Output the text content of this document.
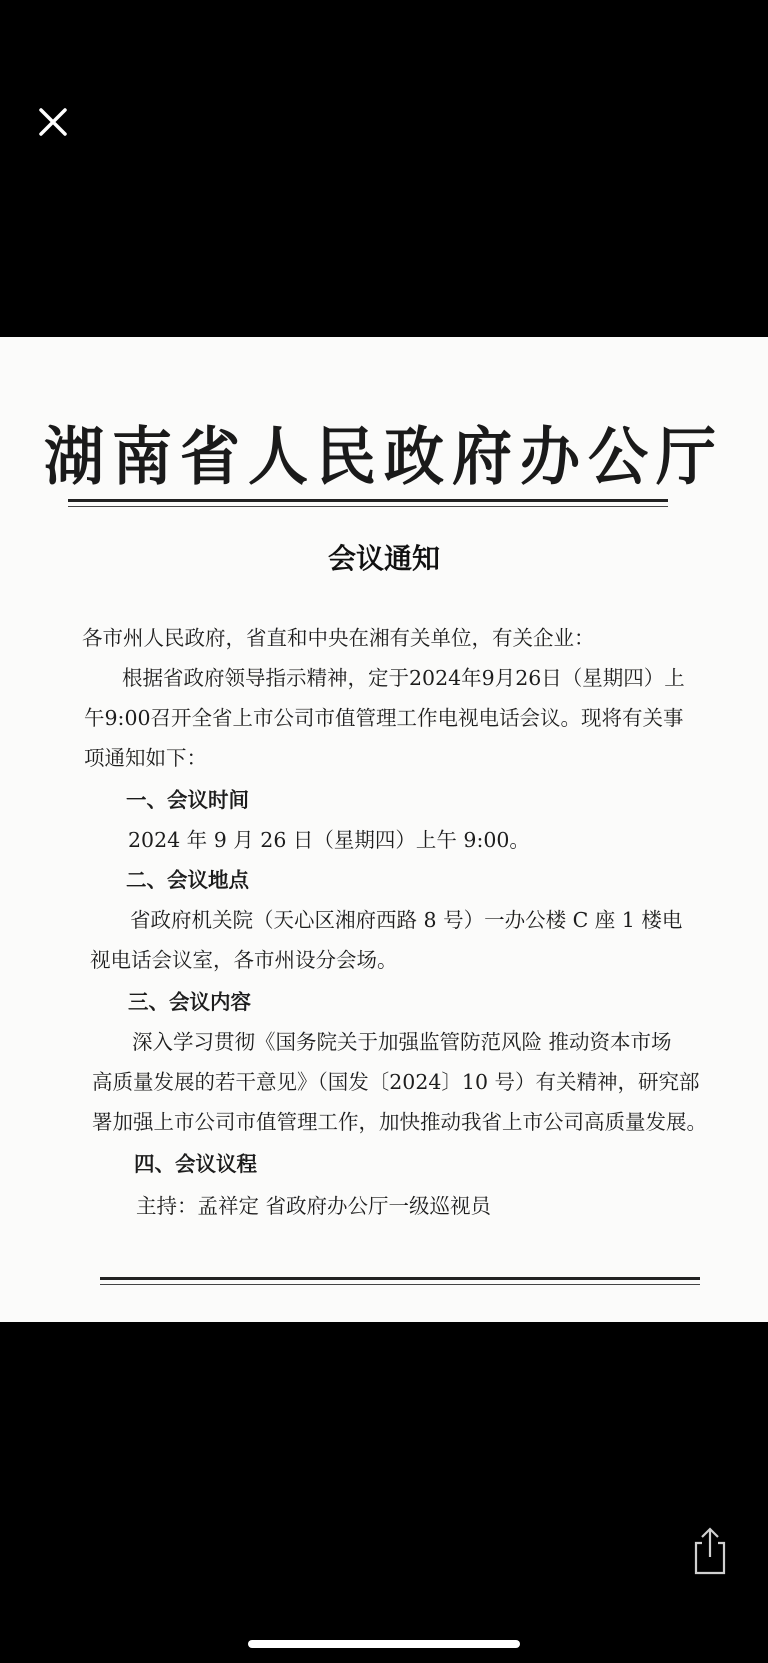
湖南省人民政府办公厅
会议通知
各市州人民政府，省直和中央在湘有关单位，有关企业：
根据省政府领导指示精神，定于2024年9月26日（星期四）上
午9:00召开全省上市公司市值管理工作电视电话会议。现将有关事
项通知如下：
一、会议时间
2024 年 9 月 26 日（星期四）上午 9:00。
二、会议地点
省政府机关院（天心区湘府西路 8 号）一办公楼 C 座 1 楼电
视电话会议室，各市州设分会场。
三、会议内容
深入学习贯彻《国务院关于加强监管防范风险 推动资本市场
高质量发展的若干意见》（国发〔2024〕10 号）有关精神，研究部
署加强上市公司市值管理工作，加快推动我省上市公司高质量发展。
四、会议议程
主持：孟祥定 省政府办公厅一级巡视员
